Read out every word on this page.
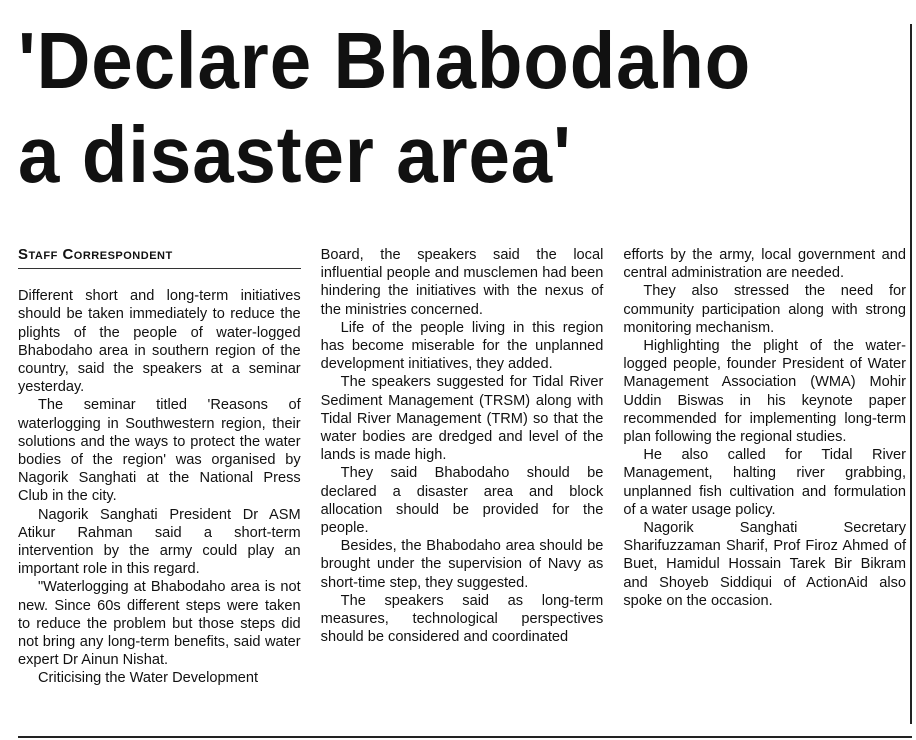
'Declare Bhabodaho
a disaster area'
Staff Correspondent

Different short and long-term initiatives should be taken immediately to reduce the plights of the people of water-logged Bhabodaho area in southern region of the country, said the speakers at a seminar yesterday.

The seminar titled 'Reasons of waterlogging in Southwestern region, their solutions and the ways to protect the water bodies of the region' was organised by Nagorik Sanghati at the National Press Club in the city.

Nagorik Sanghati President Dr ASM Atikur Rahman said a short-term intervention by the army could play an important role in this regard.

"Waterlogging at Bhabodaho area is not new. Since 60s different steps were taken to reduce the problem but those steps did not bring any long-term benefits, said water expert Dr Ainun Nishat.

Criticising the Water Development

Board, the speakers said the local influential people and musclemen had been hindering the initiatives with the nexus of the ministries concerned.

Life of the people living in this region has become miserable for the unplanned development initiatives, they added.

The speakers suggested for Tidal River Sediment Management (TRSM) along with Tidal River Management (TRM) so that the water bodies are dredged and level of the lands is made high.

They said Bhabodaho should be declared a disaster area and block allocation should be provided for the people.

Besides, the Bhabodaho area should be brought under the supervision of Navy as short-time step, they suggested.

The speakers said as long-term measures, technological perspectives should be considered and coordinated

efforts by the army, local government and central administration are needed.

They also stressed the need for community participation along with strong monitoring mechanism.

Highlighting the plight of the water-logged people, founder President of Water Management Association (WMA) Mohir Uddin Biswas in his keynote paper recommended for implementing long-term plan following the regional studies.

He also called for Tidal River Management, halting river grabbing, unplanned fish cultivation and formulation of a water usage policy.

Nagorik Sanghati Secretary Sharifuzzaman Sharif, Prof Firoz Ahmed of Buet, Hamidul Hossain Tarek Bir Bikram and Shoyeb Siddiqui of ActionAid also spoke on the occasion.
